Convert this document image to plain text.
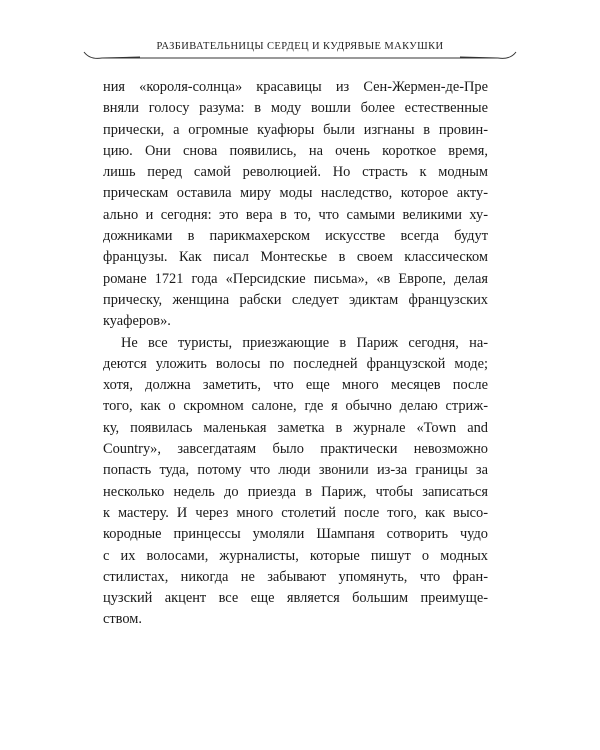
РАЗБИВАТЕЛЬНИЦЫ СЕРДЕЦ И КУДРЯВЫЕ МАКУШКИ
ния «короля-солнца» красавицы из Сен-Жермен-де-Пре
вняли голосу разума: в моду вошли более естественные
прически, а огромные куафюры были изгнаны в провин-
цию. Они снова появились, на очень короткое время,
лишь перед самой революцией. Но страсть к модным
прическам оставила миру моды наследство, которое акту-
ально и сегодня: это вера в то, что самыми великими ху-
дожниками в парикмахерском искусстве всегда будут
французы. Как писал Монтескье в своем классическом
романе 1721 года «Персидские письма», «в Европе, делая
прическу, женщина рабски следует эдиктам французских
куаферов».
Не все туристы, приезжающие в Париж сегодня, на-
деются уложить волосы по последней французской моде;
хотя, должна заметить, что еще много месяцев после
того, как о скромном салоне, где я обычно делаю стриж-
ку, появилась маленькая заметка в журнале «Town and
Country», завсегдатаям было практически невозможно
попасть туда, потому что люди звонили из-за границы за
несколько недель до приезда в Париж, чтобы записаться
к мастеру. И через много столетий после того, как высо-
кородные принцессы умоляли Шампаня сотворить чудо
с их волосами, журналисты, которые пишут о модных
стилистах, никогда не забывают упомянуть, что фран-
цузский акцент все еще является большим преимуще-
ством.
